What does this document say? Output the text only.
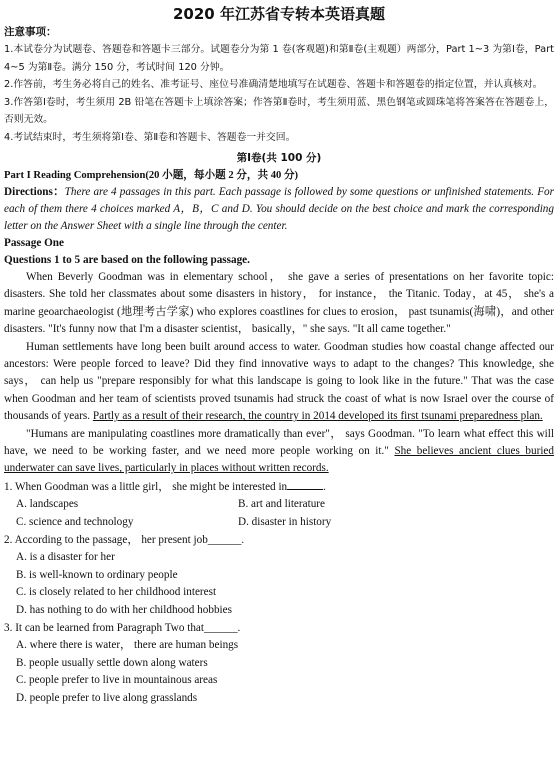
2020 年江苏省专转本英语真题
注意事项：

1.本试卷分为试题卷、答题卷和答题卡三部分。试题卷分为第 1 卷(客观题)和第Ⅱ卷(主观题）两部分，Part 1~3 为第Ⅰ卷，Part 4~5 为第Ⅱ卷。满分 150 分，考试时间 120 分钟。

2.作答前，考生务必将自己的姓名、准考证号、座位号准确清楚地填写在试题卷、答题卡和答题卷的指定位置，并认真核对。

3.作答第Ⅰ卷时，考生须用 2B 铅笔在答题卡上填涂答案；作答第Ⅱ卷时，考生须用蓝、黑色钢笔或圆珠笔将答案答在答题卷上，否则无效。

4.考试结束时，考生须将第Ⅰ卷、第Ⅱ卷和答题卡、答题卷一并交回。

第Ⅰ卷(共 100 分)

Part I Reading Comprehension(20 小题，每小题 2 分，共 40 分)

Directions：There are 4 passages in this part. Each passage is followed by some questions or unfinished statements. For each of them there 4 choices marked A，B，C and D. You should decide on the best choice and mark the corresponding letter on the Answer Sheet with a single line through the center.

Passage One

Questions 1 to 5 are based on the following passage.

When Beverly Goodman was in elementary school， she gave a series of presentations on her favorite topic: disasters. She told her classmates about some disasters in history， for instance， the Titanic. Today，at 45， she's a marine geoarchaeologist (地理考古学家) who explores coastlines for clues to erosion， past tsunamis(海啸)，and other disasters. "It's funny now that I'm a disaster scientist， basically，" she says. "It all came together."

Human settlements have long been built around access to water. Goodman studies how coastal change affected our ancestors: Were people forced to leave? Did they find innovative ways to adapt to the changes? This knowledge, she says， can help us "prepare responsibly for what this landscape is going to look like in the future." That was the case when Goodman and her team of scientists proved tsunamis had struck the coast of what is now Israel over the course of thousands of years. Partly as a result of their research, the country in 2014 developed its first tsunami preparedness plan.

"Humans are manipulating coastlines more dramatically than ever"， says Goodman. "To learn what effect this will have, we need to be working faster, and we need more people working on it." She believes ancient clues buried underwater can save lives, particularly in places without written records.

1. When Goodman was a little girl， she might be interested in	.

A. landscapes	B. art and literature
C. science and technology	D. disaster in history

2. According to the passage， her present job______.

A. is a disaster for her

B. is well-known to ordinary people

C. is closely related to her childhood interest

D. has nothing to do with her childhood hobbies

3. It can be learned from Paragraph Two that______.

A. where there is water， there are human beings

B. people usually settle down along waters

C. people prefer to live in mountainous areas

D. people prefer to live along grasslands
